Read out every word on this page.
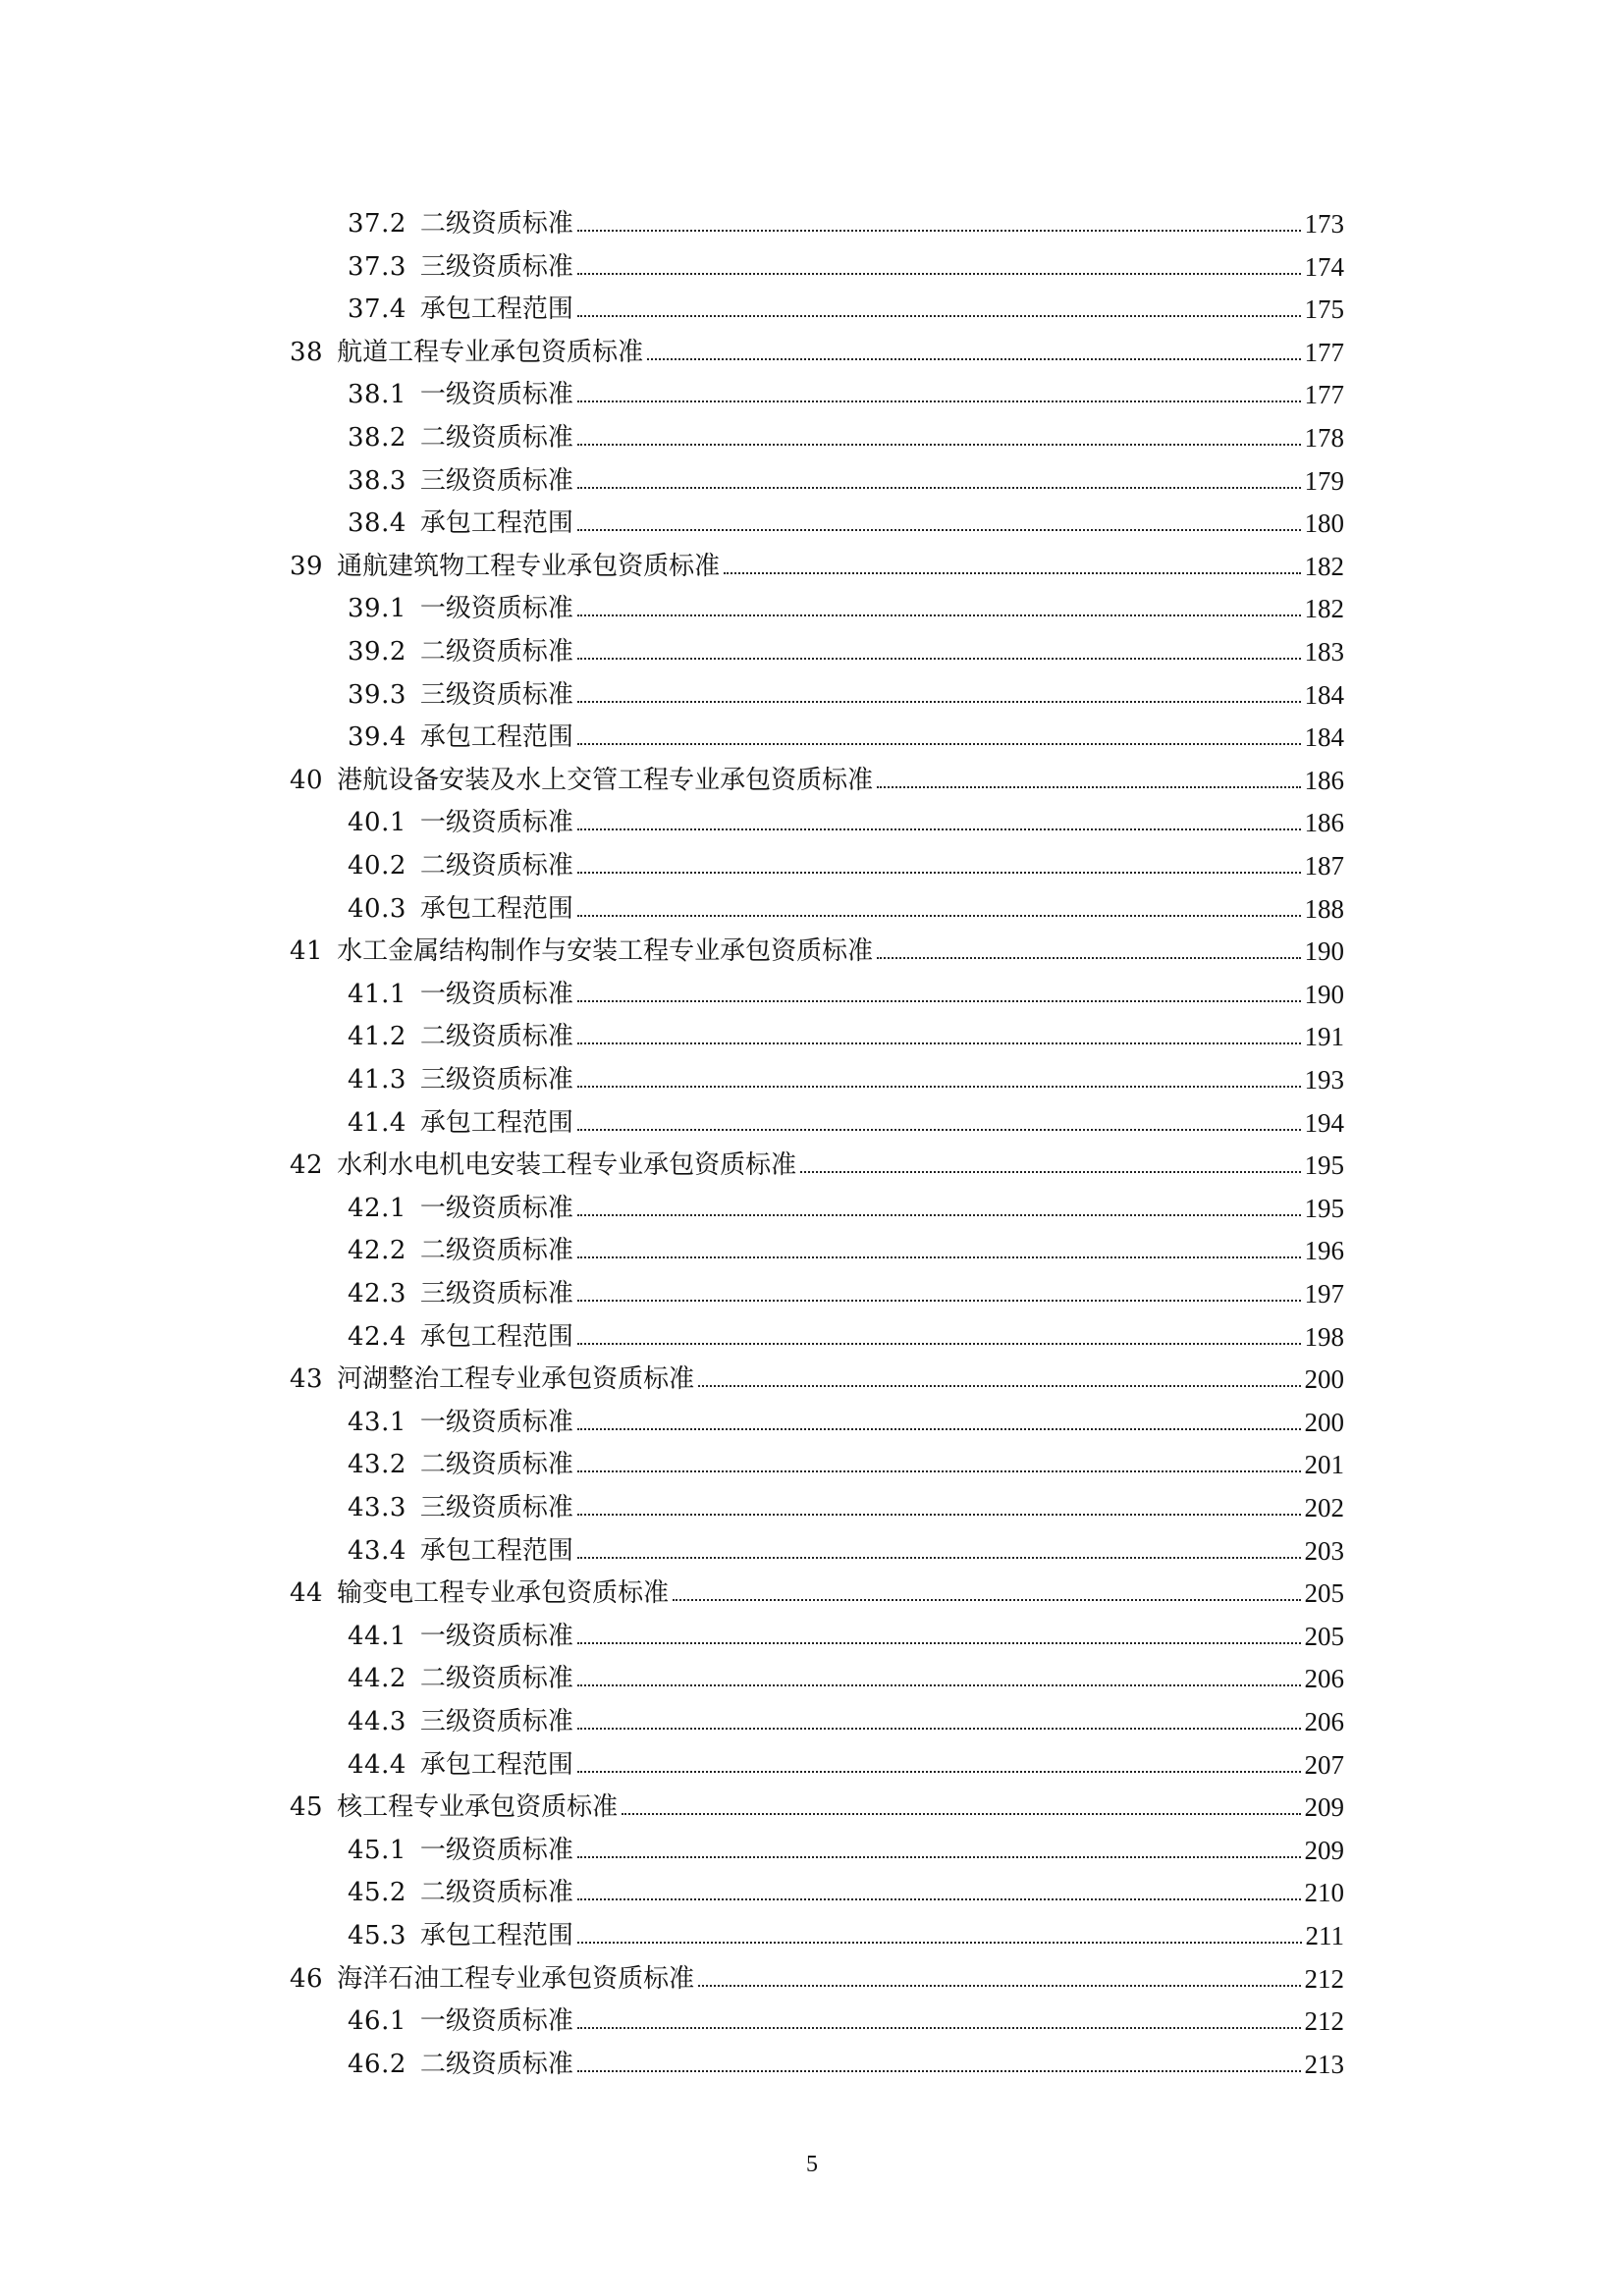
37.2 二级资质标准	173
37.3 三级资质标准	174
37.4 承包工程范围	175
38 航道工程专业承包资质标准	177
38.1 一级资质标准	177
38.2 二级资质标准	178
38.3 三级资质标准	179
38.4 承包工程范围	180
39 通航建筑物工程专业承包资质标准	182
39.1 一级资质标准	182
39.2 二级资质标准	183
39.3 三级资质标准	184
39.4 承包工程范围	184
40 港航设备安装及水上交管工程专业承包资质标准	186
40.1 一级资质标准	186
40.2 二级资质标准	187
40.3 承包工程范围	188
41 水工金属结构制作与安装工程专业承包资质标准	190
41.1 一级资质标准	190
41.2 二级资质标准	191
41.3 三级资质标准	193
41.4 承包工程范围	194
42 水利水电机电安装工程专业承包资质标准	195
42.1 一级资质标准	195
42.2 二级资质标准	196
42.3 三级资质标准	197
42.4 承包工程范围	198
43 河湖整治工程专业承包资质标准	200
43.1 一级资质标准	200
43.2 二级资质标准	201
43.3 三级资质标准	202
43.4 承包工程范围	203
44 输变电工程专业承包资质标准	205
44.1 一级资质标准	205
44.2 二级资质标准	206
44.3 三级资质标准	206
44.4 承包工程范围	207
45 核工程专业承包资质标准	209
45.1 一级资质标准	209
45.2 二级资质标准	210
45.3 承包工程范围	211
46 海洋石油工程专业承包资质标准	212
46.1 一级资质标准	212
46.2 二级资质标准	213
5
